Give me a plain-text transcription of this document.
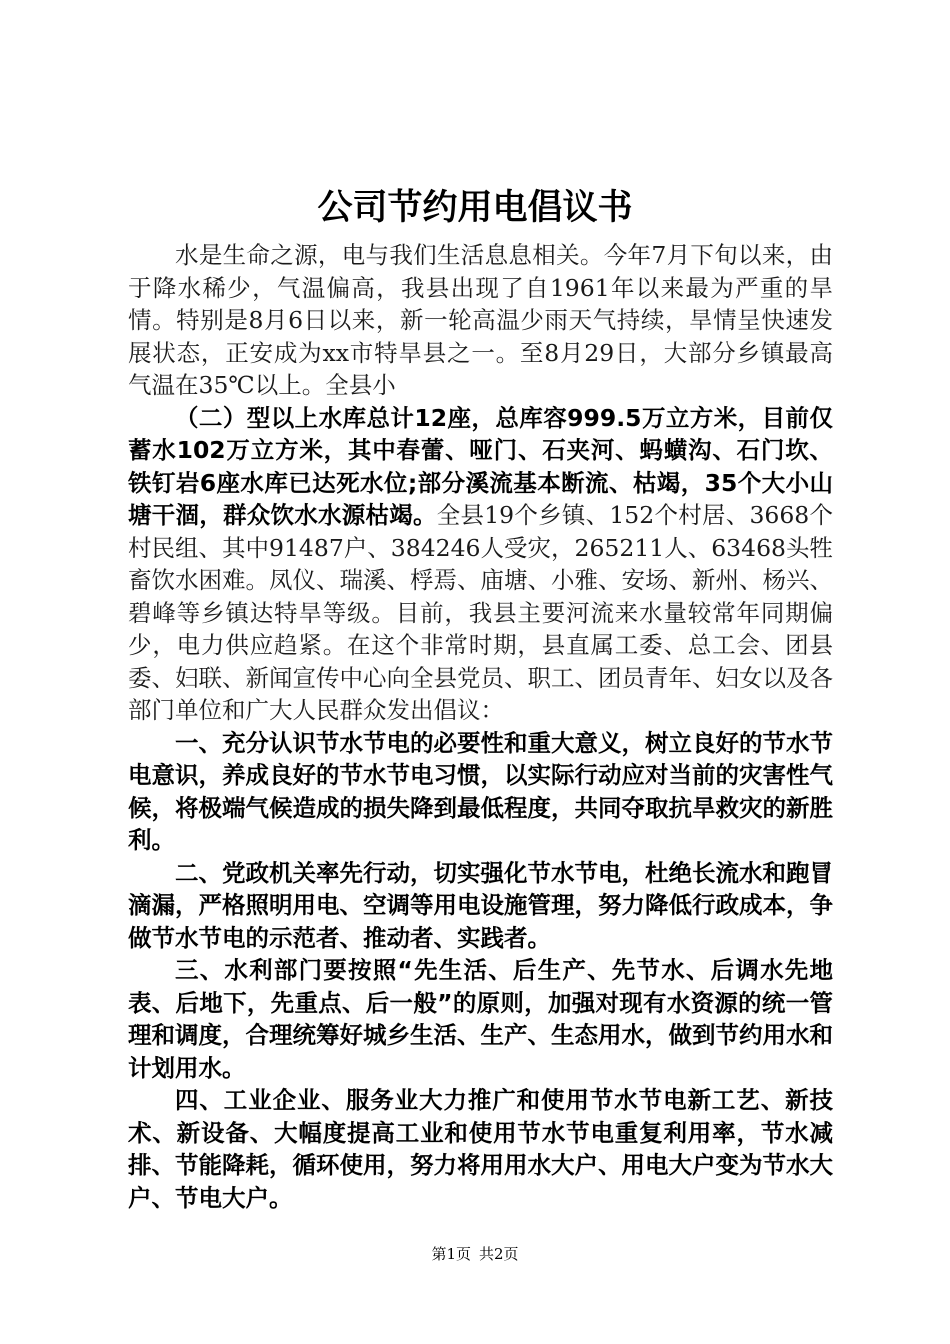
公司节约用电倡议书

水是生命之源，电与我们生活息息相关。今年7月下旬以来，由于降水稀少，气温偏高，我县出现了自1961年以来最为严重的旱情。特别是8月6日以来，新一轮高温少雨天气持续，旱情呈快速发展状态，正安成为xx市特旱县之一。至8月29日，大部分乡镇最高气温在35℃以上。全县小

（二）型以上水库总计12座，总库容999.5万立方米，目前仅蓄水102万立方米，其中春蕾、哑门、石夹河、蚂蟥沟、石门坎、铁钉岩6座水库已达死水位;部分溪流基本断流、枯竭，35个大小山塘干涸，群众饮水水源枯竭。全县19个乡镇、152个村居、3668个村民组、其中91487户、384246人受灾，265211人、63468头牲畜饮水困难。凤仪、瑞溪、桴焉、庙塘、小雅、安场、新州、杨兴、碧峰等乡镇达特旱等级。目前，我县主要河流来水量较常年同期偏少，电力供应趋紧。在这个非常时期，县直属工委、总工会、团县委、妇联、新闻宣传中心向全县党员、职工、团员青年、妇女以及各部门单位和广大人民群众发出倡议：

一、充分认识节水节电的必要性和重大意义，树立良好的节水节电意识，养成良好的节水节电习惯，以实际行动应对当前的灾害性气候，将极端气候造成的损失降到最低程度，共同夺取抗旱救灾的新胜利。

二、党政机关率先行动，切实强化节水节电，杜绝长流水和跑冒滴漏，严格照明用电、空调等用电设施管理，努力降低行政成本，争做节水节电的示范者、推动者、实践者。

三、水利部门要按照“先生活、后生产、先节水、后调水先地表、后地下，先重点、后一般”的原则，加强对现有水资源的统一管理和调度，合理统筹好城乡生活、生产、生态用水，做到节约用水和计划用水。

四、工业企业、服务业大力推广和使用节水节电新工艺、新技术、新设备、大幅度提高工业和使用节水节电重复利用率，节水减排、节能降耗，循环使用，努力将用用水大户、用电大户变为节水大户、节电大户。

第1页 共2页
